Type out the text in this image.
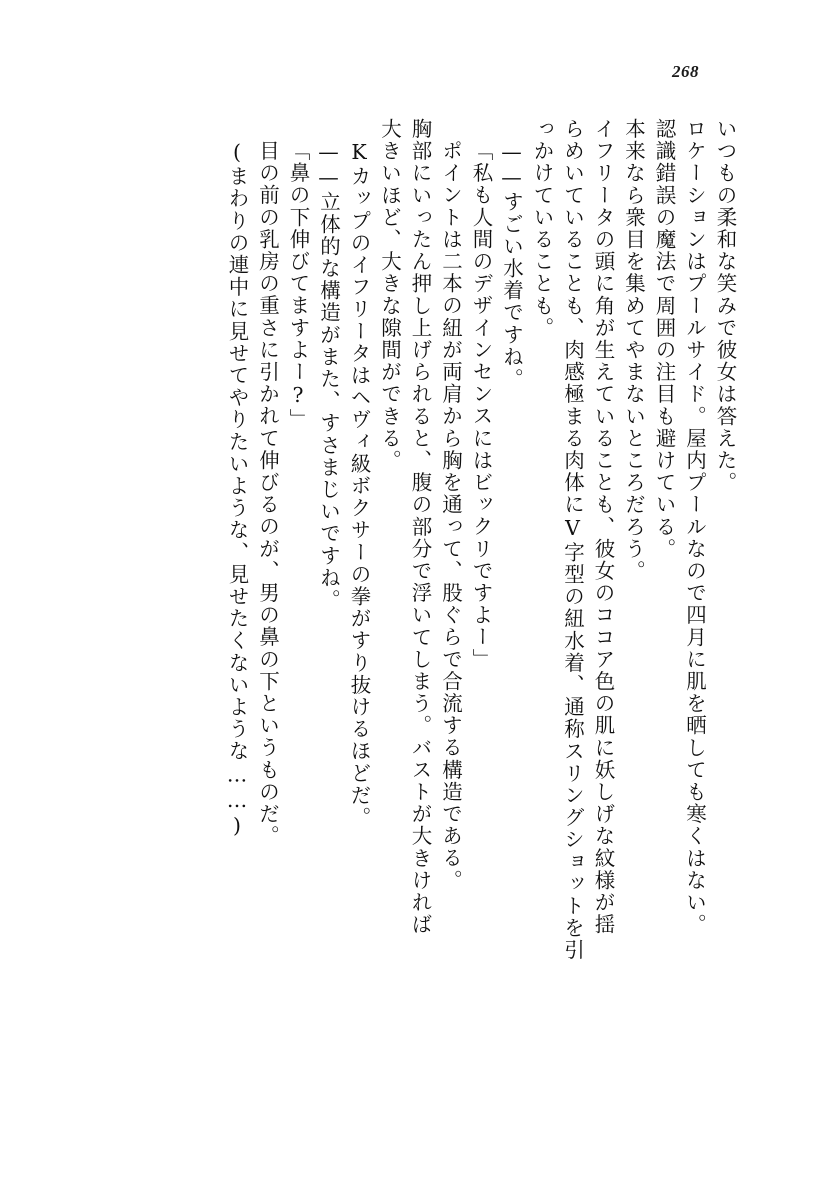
268
いつもの柔和な笑みで彼女は答えた。
ロケーションはプールサイド。屋内プールなので四月に肌を晒しても寒くはない。
認識錯誤の魔法で周囲の注目も避けている。
本来なら衆目を集めてやまないところだろう。
イフリータの頭に角が生えていることも、彼女のココア色の肌に妖しげな紋様が揺
らめいていることも、肉感極まる肉体にV字型の紐水着、通称スリングショットを引
っかけていることも。
——すごい水着ですね。
「私も人間のデザインセンスにはビックリですよー」
ポイントは二本の紐が両肩から胸を通って、股ぐらで合流する構造である。
胸部にいったん押し上げられると、腹の部分で浮いてしまう。バストが大きければ
大きいほど、大きな隙間ができる。
Kカップのイフリータはヘヴィ級ボクサーの拳がすり抜けるほどだ。
——立体的な構造がまた、すさまじいですね。
「鼻の下伸びてますよー?」
目の前の乳房の重さに引かれて伸びるのが、男の鼻の下というものだ。
(まわりの連中に見せてやりたいような、見せたくないような……)
